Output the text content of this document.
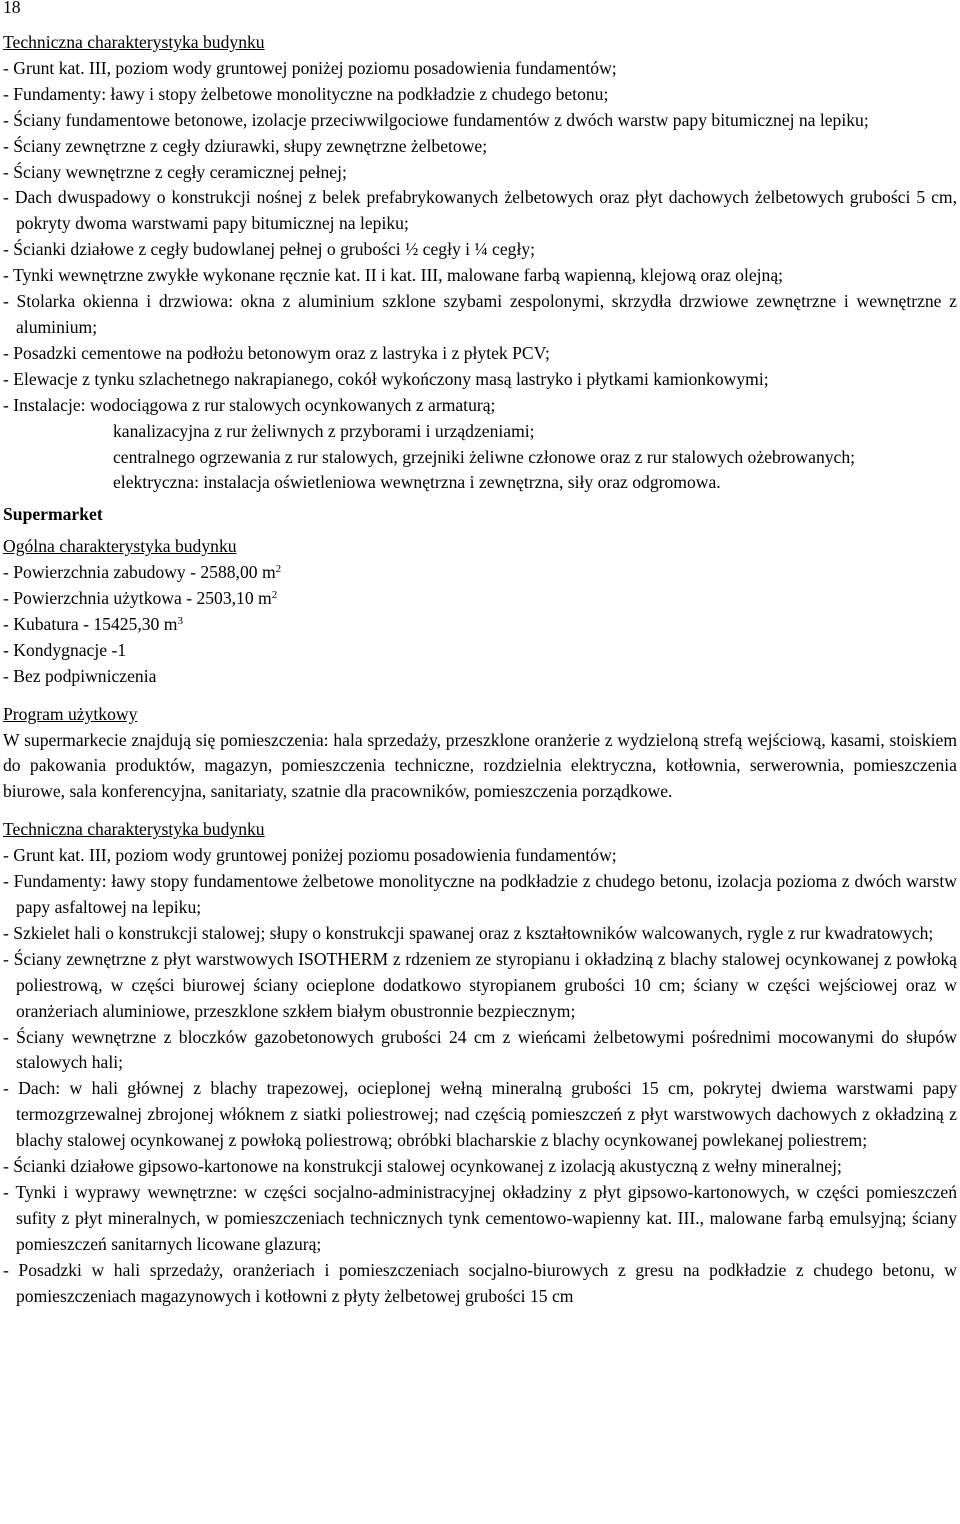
18
Techniczna charakterystyka budynku
- Grunt kat. III, poziom wody gruntowej poniżej poziomu posadowienia fundamentów;
- Fundamenty: ławy i stopy żelbetowe monolityczne na podkładzie z chudego betonu;
- Ściany fundamentowe betonowe, izolacje przeciwwilgociowe fundamentów z dwóch warstw papy bitumicznej na lepiku;
- Ściany zewnętrzne z cegły dziurawki, słupy zewnętrzne żelbetowe;
- Ściany wewnętrzne z cegły ceramicznej pełnej;
- Dach dwuspadowy o konstrukcji nośnej z belek prefabrykowanych żelbetowych oraz płyt dachowych żelbetowych grubości 5 cm, pokryty dwoma warstwami papy bitumicznej na lepiku;
- Ścianki działowe z cegły budowlanej pełnej o grubości ½ cegły i ¼ cegły;
- Tynki wewnętrzne zwykłe wykonane ręcznie kat. II i kat. III, malowane farbą wapienną, klejową oraz olejną;
- Stolarka okienna i drzwiowa: okna z aluminium szklone szybami zespolonymi, skrzydła drzwiowe zewnętrzne i wewnętrzne z aluminium;
- Posadzki cementowe na podłożu betonowym oraz z lastryka i z płytek PCV;
- Elewacje z tynku szlachetnego nakrapianego, cokół wykończony masą lastryko i płytkami kamionkowymi;
- Instalacje: wodociągowa z rur stalowych ocynkowanych z armaturą;
kanalizacyjna z rur żeliwnych z przyborami i urządzeniami;
centralnego ogrzewania z rur stalowych, grzejniki żeliwne członowe oraz z rur stalowych ożebrowanych;
elektryczna: instalacja oświetleniowa wewnętrzna i zewnętrzna, siły oraz odgromowa.
Supermarket
Ogólna charakterystyka budynku
- Powierzchnia zabudowy - 2588,00 $m^2$
- Powierzchnia użytkowa - 2503,10 $m^2$
- Kubatura - 15425,30 $m^3$
- Kondygnacje -1
- Bez podpiwniczenia
Program użytkowy
W supermarkecie znajdują się pomieszczenia: hala sprzedaży, przeszklone oranżerie z wydzieloną strefą wejściową, kasami, stoiskiem do pakowania produktów, magazyn, pomieszczenia techniczne, rozdzielnia elektryczna, kotłownia, serwerownia, pomieszczenia biurowe, sala konferencyjna, sanitariaty, szatnie dla pracowników, pomieszczenia porządkowe.
Techniczna charakterystyka budynku
- Grunt kat. III, poziom wody gruntowej poniżej poziomu posadowienia fundamentów;
- Fundamenty: ławy stopy fundamentowe żelbetowe monolityczne na podkładzie z chudego betonu, izolacja pozioma z dwóch warstw papy asfaltowej na lepiku;
- Szkielet hali o konstrukcji stalowej; słupy o konstrukcji spawanej oraz z kształtowników walcowanych, rygle z rur kwadratowych;
- Ściany zewnętrzne z płyt warstwowych ISOTHERM z rdzeniem ze styropianu i okładziną z blachy stalowej ocynkowanej z powłoką poliestrową, w części biurowej ściany ocieplone dodatkowo styropianem grubości 10 cm; ściany w części wejściowej oraz w oranżeriach aluminiowe, przeszklone szkłem białym obustronnie bezpiecznym;
- Ściany wewnętrzne z bloczków gazobetonowych grubości 24 cm z wieńcami żelbetowymi pośrednimi mocowanymi do słupów stalowych hali;
- Dach: w hali głównej z blachy trapezowej, ocieplonej wełną mineralną grubości 15 cm, pokrytej dwiema warstwami papy termozgrzewalnej zbrojonej włóknem z siatki poliestrowej; nad częścią pomieszczeń z płyt warstwowych dachowych z okładziną z blachy stalowej ocynkowanej z powłoką poliestrową; obróbki blacharskie z blachy ocynkowanej powlekanej poliestrem;
- Ścianki działowe gipsowo-kartonowe na konstrukcji stalowej ocynkowanej z izolacją akustyczną z wełny mineralnej;
- Tynki i wyprawy wewnętrzne: w części socjalno-administracyjnej okładziny z płyt gipsowo-kartonowych, w części pomieszczeń sufity z płyt mineralnych, w pomieszczeniach technicznych tynk cementowo-wapienny kat. III., malowane farbą emulsyjną; ściany pomieszczeń sanitarnych licowane glazurą;
- Posadzki w hali sprzedaży, oranżeriach i pomieszczeniach socjalno-biurowych z gresu na podkładzie z chudego betonu, w pomieszczeniach magazynowych i kotłowni z płyty żelbetowej grubości 15 cm
